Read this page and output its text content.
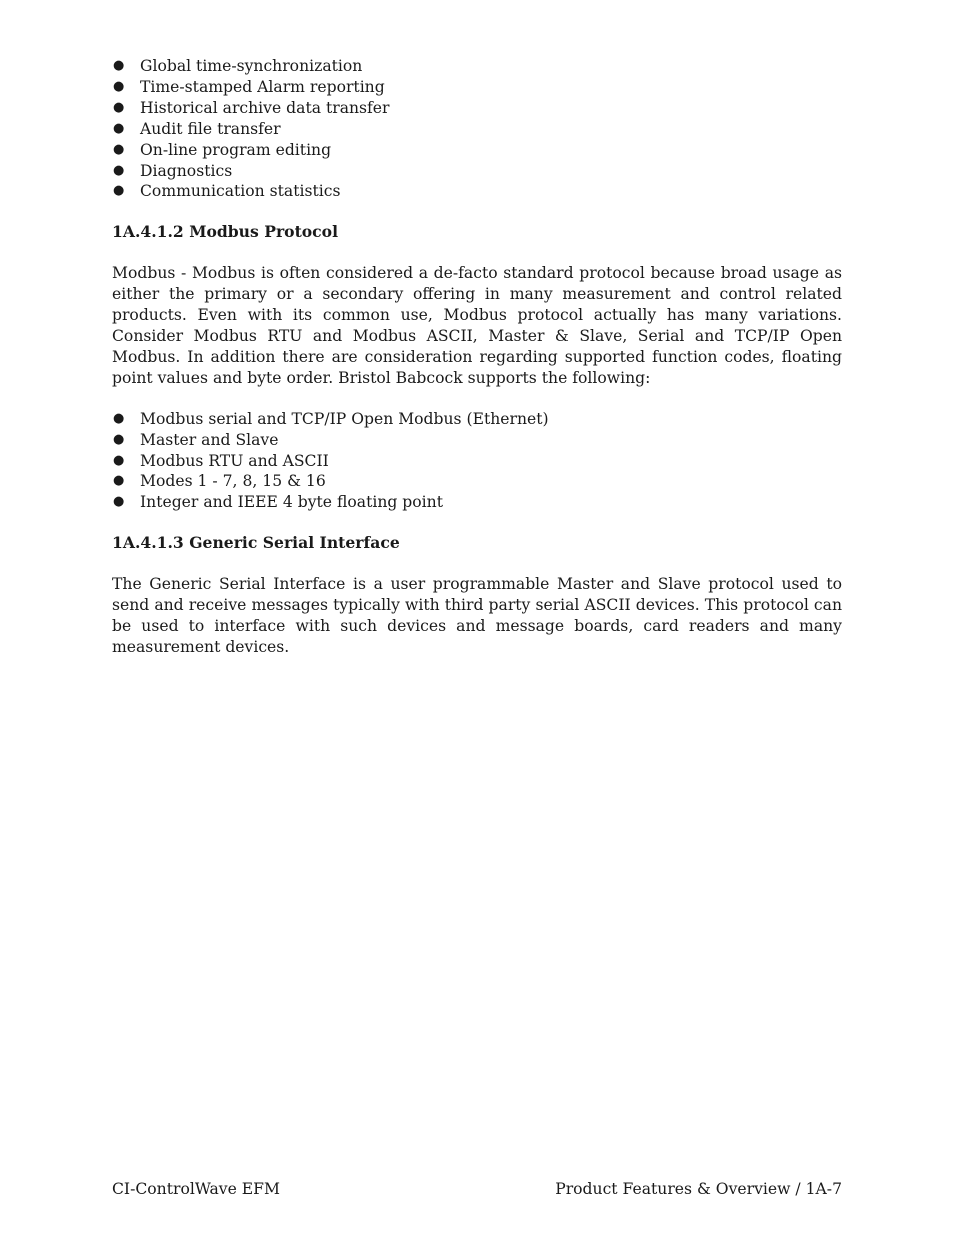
● Global time-synchronization
● Time-stamped Alarm reporting
● Historical archive data transfer
● Audit file transfer
● On-line program editing
● Diagnostics
● Communication statistics
1A.4.1.2 Modbus Protocol

Modbus - Modbus is often considered a de-facto standard protocol because broad usage as either the primary or a secondary offering in many measurement and control related products. Even with its common use, Modbus protocol actually has many variations. Consider Modbus RTU and Modbus ASCII, Master & Slave, Serial and TCP/IP Open Modbus. In addition there are consideration regarding supported function codes, floating point values and byte order. Bristol Babcock supports the following:

● Modbus serial and TCP/IP Open Modbus (Ethernet)
● Master and Slave
● Modbus RTU and ASCII
● Modes 1 - 7, 8, 15 & 16
● Integer and IEEE 4 byte floating point
1A.4.1.3 Generic Serial Interface

The Generic Serial Interface is a user programmable Master and Slave protocol used to send and receive messages typically with third party serial ASCII devices. This protocol can be used to interface with such devices and message boards, card readers and many measurement devices.

CI-ControlWave EFM	Product Features & Overview / 1A-7
